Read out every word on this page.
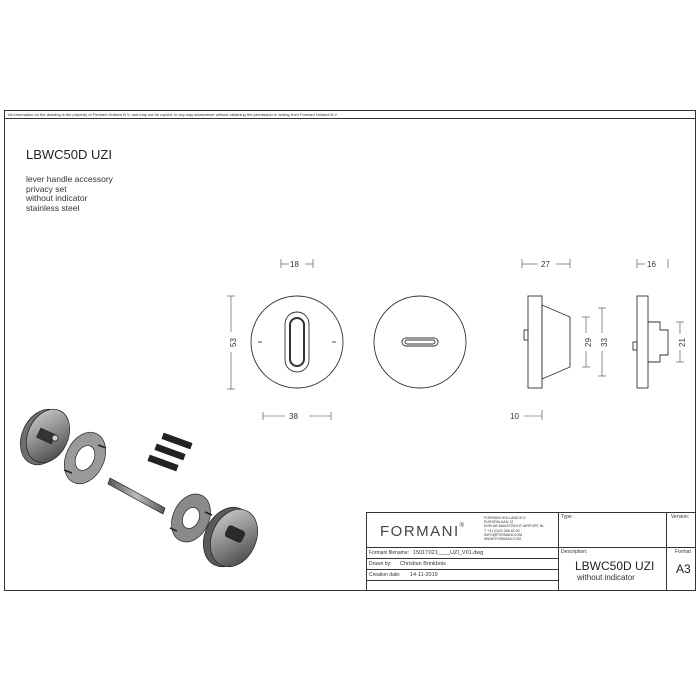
All information on the drawing is the property of Formani Holland B.V. and may not be copied, in any way whatsoever without obtaining the permission in writing from Formani Holland B.V.
LBWC50D UZI
lever handle accessory
privacy set
without indicator
stainless steel
18
53
38
27
10
29 33
16
21
FORMANI®
FORMANI HOLLAND B.V.
EUROPALAAN 12
6199 AB MAASTRICHT-AIRPORT NL
T +31 (0)43 358 60 00
INFO@FORMANI.COM
WWW.FORMANI.COM
Type :	Version:
Formani filename: 1501T021____UZI_V01.dwg
Drawn by: Christian Brinkbois
Creation date: 14-11-2019
Description:
LBWC50D UZI
without indicator
Format
A3
